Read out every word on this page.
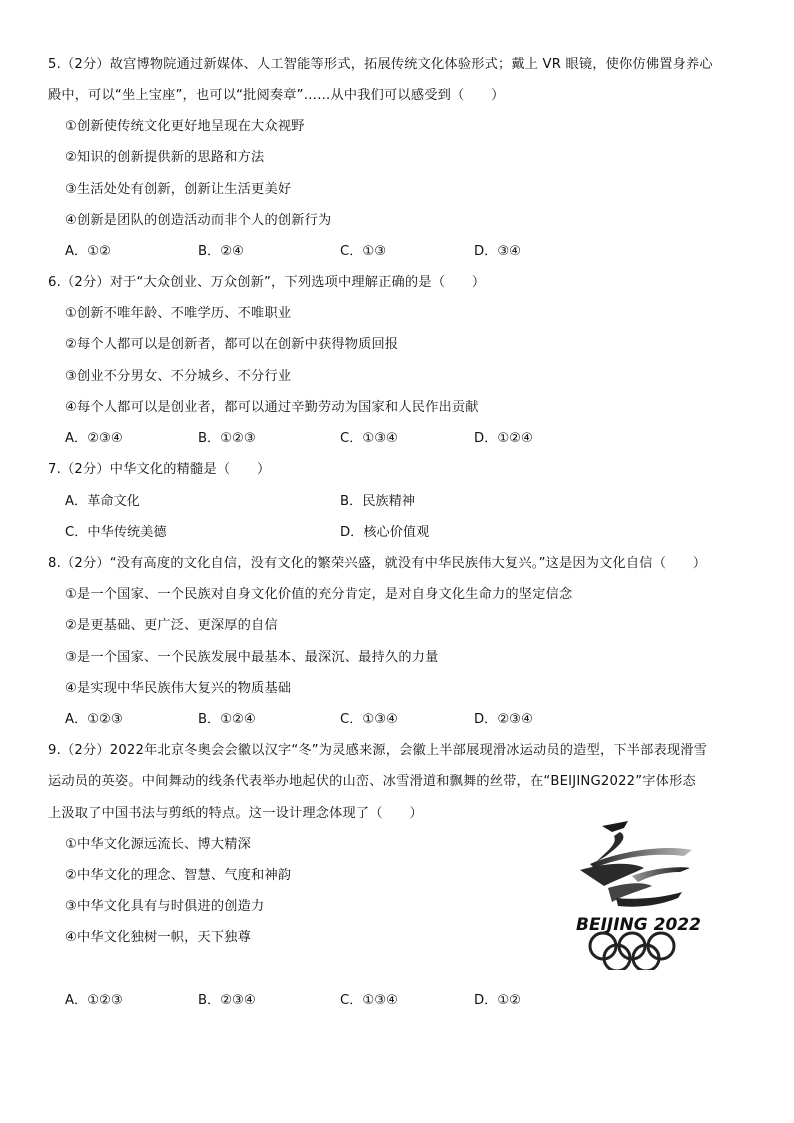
5.（2分）故宫博物院通过新媒体、人工智能等形式，拓展传统文化体验形式；戴上 VR 眼镜，使你仿佛置身养心
殿中，可以“坐上宝座”，也可以“批阅奏章”……从中我们可以感受到（　　）
①创新使传统文化更好地呈现在大众视野
②知识的创新提供新的思路和方法
③生活处处有创新，创新让生活更美好
④创新是团队的创造活动而非个人的创新行为
A．①②	B．②④	C．①③	D．③④
6.（2分）对于“大众创业、万众创新”，下列选项中理解正确的是（　　）
①创新不唯年龄、不唯学历、不唯职业
②每个人都可以是创新者，都可以在创新中获得物质回报
③创业不分男女、不分城乡、不分行业
④每个人都可以是创业者，都可以通过辛勤劳动为国家和人民作出贡献
A．②③④	B．①②③	C．①③④	D．①②④
7.（2分）中华文化的精髓是（　　）
A．革命文化	B．民族精神
C．中华传统美德	D．核心价值观
8.（2分）“没有高度的文化自信，没有文化的繁荣兴盛，就没有中华民族伟大复兴。”这是因为文化自信（　　）
①是一个国家、一个民族对自身文化价值的充分肯定，是对自身文化生命力的坚定信念
②是更基础、更广泛、更深厚的自信
③是一个国家、一个民族发展中最基本、最深沉、最持久的力量
④是实现中华民族伟大复兴的物质基础
A．①②③	B．①②④	C．①③④	D．②③④
9.（2分）2022年北京冬奥会会徽以汉字“冬”为灵感来源，会徽上半部展现滑冰运动员的造型，下半部表现滑雪
运动员的英姿。中间舞动的线条代表举办地起伏的山峦、冰雪滑道和飘舞的丝带，在“BEIJING2022”字体形态
上汲取了中国书法与剪纸的特点。这一设计理念体现了（　　）
①中华文化源远流长、博大精深
②中华文化的理念、智慧、气度和神韵
③中华文化具有与时俱进的创造力
④中华文化独树一帜，天下独尊
A．①②③	B．②③④	C．①③④	D．①②
BEIJING 2022
